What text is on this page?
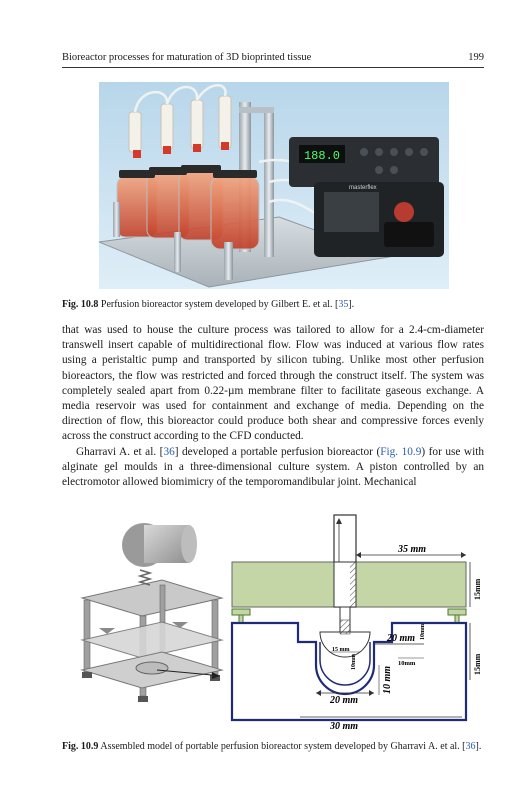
Bioreactor processes for maturation of 3D bioprinted tissue	199
188.0
masterflex
Fig. 10.8 Perfusion bioreactor system developed by Gilbert E. et al. [35].

that was used to house the culture process was tailored to allow for a 2.4-cm-diameter transwell insert capable of multidirectional flow. Flow was induced at various flow rates using a peristaltic pump and transported by silicon tubing. Unlike most other perfusion bioreactors, the flow was restricted and forced through the construct itself. The system was completely sealed apart from 0.22-µm membrane filter to facilitate gaseous exchange. A media reservoir was used for containment and exchange of media. Depending on the direction of flow, this bioreactor could produce both shear and compressive forces evenly across the construct according to the CFD conducted.

Gharravi A. et al. [36] developed a portable perfusion bioreactor (Fig. 10.9) for use with alginate gel moulds in a three-dimensional culture system. A piston controlled by an electromotor allowed biomimicry of the temporomandibular joint. Mechanical

35 mm
15mm
20 mm 10mm
15 mm
10mm	10mm	15mm
10 mm
20 mm
30 mm
Fig. 10.9 Assembled model of portable perfusion bioreactor system developed by Gharravi A. et al. [36].
